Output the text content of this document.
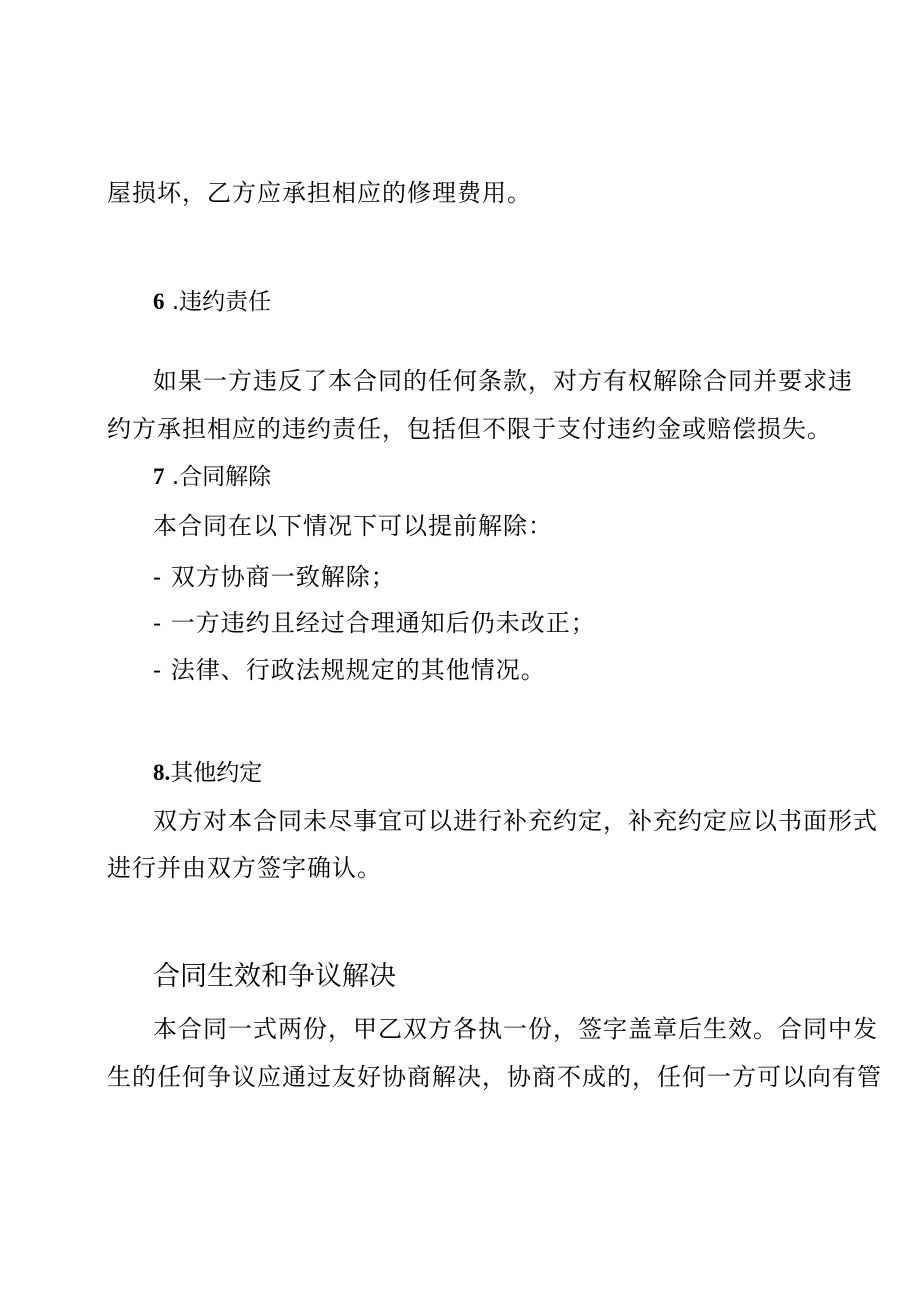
屋损坏，乙方应承担相应的修理费用。
6 .违约责任
如果一方违反了本合同的任何条款，对方有权解除合同并要求违
约方承担相应的违约责任，包括但不限于支付违约金或赔偿损失。
7 .合同解除
本合同在以下情况下可以提前解除：
- 双方协商一致解除；
- 一方违约且经过合理通知后仍未改正；
- 法律、行政法规规定的其他情况。
8.其他约定
双方对本合同未尽事宜可以进行补充约定，补充约定应以书面形式
进行并由双方签字确认。
合同生效和争议解决
本合同一式两份，甲乙双方各执一份，签字盖章后生效。合同中发
生的任何争议应通过友好协商解决，协商不成的，任何一方可以向有管
